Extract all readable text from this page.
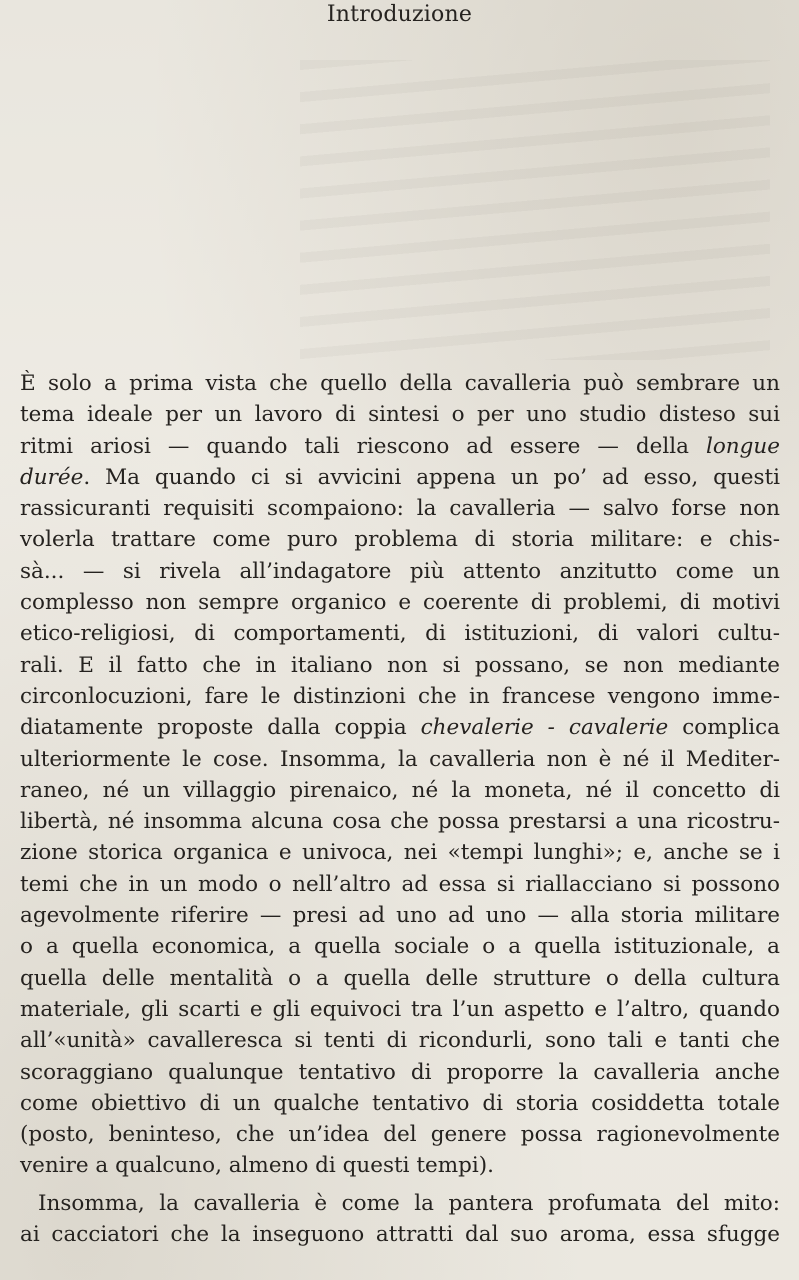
Introduzione
È solo a prima vista che quello della cavalleria può sembrare un
tema ideale per un lavoro di sintesi o per uno studio disteso sui
ritmi ariosi — quando tali riescono ad essere — della longue
durée. Ma quando ci si avvicini appena un po’ ad esso, questi
rassicuranti requisiti scompaiono: la cavalleria — salvo forse non
volerla trattare come puro problema di storia militare: e chis-
sà... — si rivela all’indagatore più attento anzitutto come un
complesso non sempre organico e coerente di problemi, di motivi
etico-religiosi, di comportamenti, di istituzioni, di valori cultu-
rali. E il fatto che in italiano non si possano, se non mediante
circonlocuzioni, fare le distinzioni che in francese vengono imme-
diatamente proposte dalla coppia chevalerie - cavalerie complica
ulteriormente le cose. Insomma, la cavalleria non è né il Mediter-
raneo, né un villaggio pirenaico, né la moneta, né il concetto di
libertà, né insomma alcuna cosa che possa prestarsi a una ricostru-
zione storica organica e univoca, nei «tempi lunghi»; e, anche se i
temi che in un modo o nell’altro ad essa si riallacciano si possono
agevolmente riferire — presi ad uno ad uno — alla storia militare
o a quella economica, a quella sociale o a quella istituzionale, a
quella delle mentalità o a quella delle strutture o della cultura
materiale, gli scarti e gli equivoci tra l’un aspetto e l’altro, quando
all’«unità» cavalleresca si tenti di ricondurli, sono tali e tanti che
scoraggiano qualunque tentativo di proporre la cavalleria anche
come obiettivo di un qualche tentativo di storia cosiddetta totale
(posto, beninteso, che un’idea del genere possa ragionevolmente
venire a qualcuno, almeno di questi tempi).
Insomma, la cavalleria è come la pantera profumata del mito:
ai cacciatori che la inseguono attratti dal suo aroma, essa sfugge
